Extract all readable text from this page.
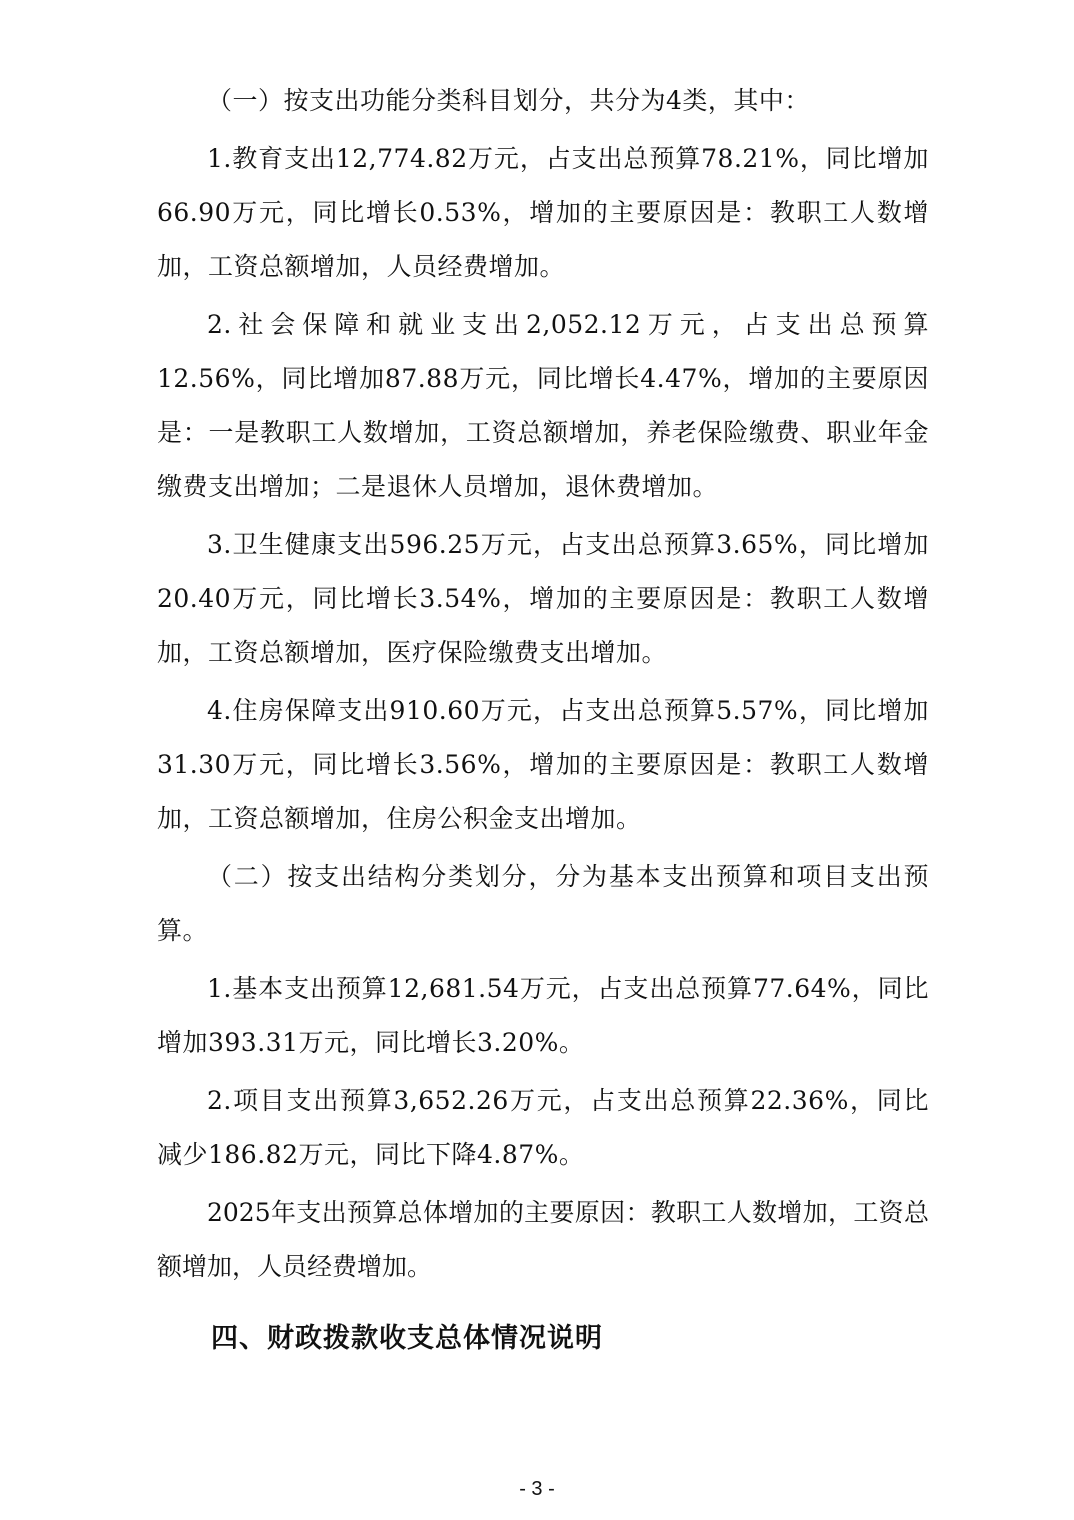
（一）按支出功能分类科目划分，共分为4类，其中：

1.教育支出12,774.82万元，占支出总预算78.21%，同比增加66.90万元，同比增长0.53%，增加的主要原因是：教职工人数增加，工资总额增加，人员经费增加。

2.社会保障和就业支出2,052.12万元，占支出总预算12.56%，同比增加87.88万元，同比增长4.47%，增加的主要原因是：一是教职工人数增加，工资总额增加，养老保险缴费、职业年金缴费支出增加；二是退休人员增加，退休费增加。

3.卫生健康支出596.25万元，占支出总预算3.65%，同比增加20.40万元，同比增长3.54%，增加的主要原因是：教职工人数增加，工资总额增加，医疗保险缴费支出增加。

4.住房保障支出910.60万元，占支出总预算5.57%，同比增加31.30万元，同比增长3.56%，增加的主要原因是：教职工人数增加，工资总额增加，住房公积金支出增加。

（二）按支出结构分类划分，分为基本支出预算和项目支出预算。

1.基本支出预算12,681.54万元，占支出总预算77.64%，同比增加393.31万元，同比增长3.20%。

2.项目支出预算3,652.26万元，占支出总预算22.36%，同比减少186.82万元，同比下降4.87%。

2025年支出预算总体增加的主要原因：教职工人数增加，工资总额增加，人员经费增加。

四、财政拨款收支总体情况说明
- 3 -
